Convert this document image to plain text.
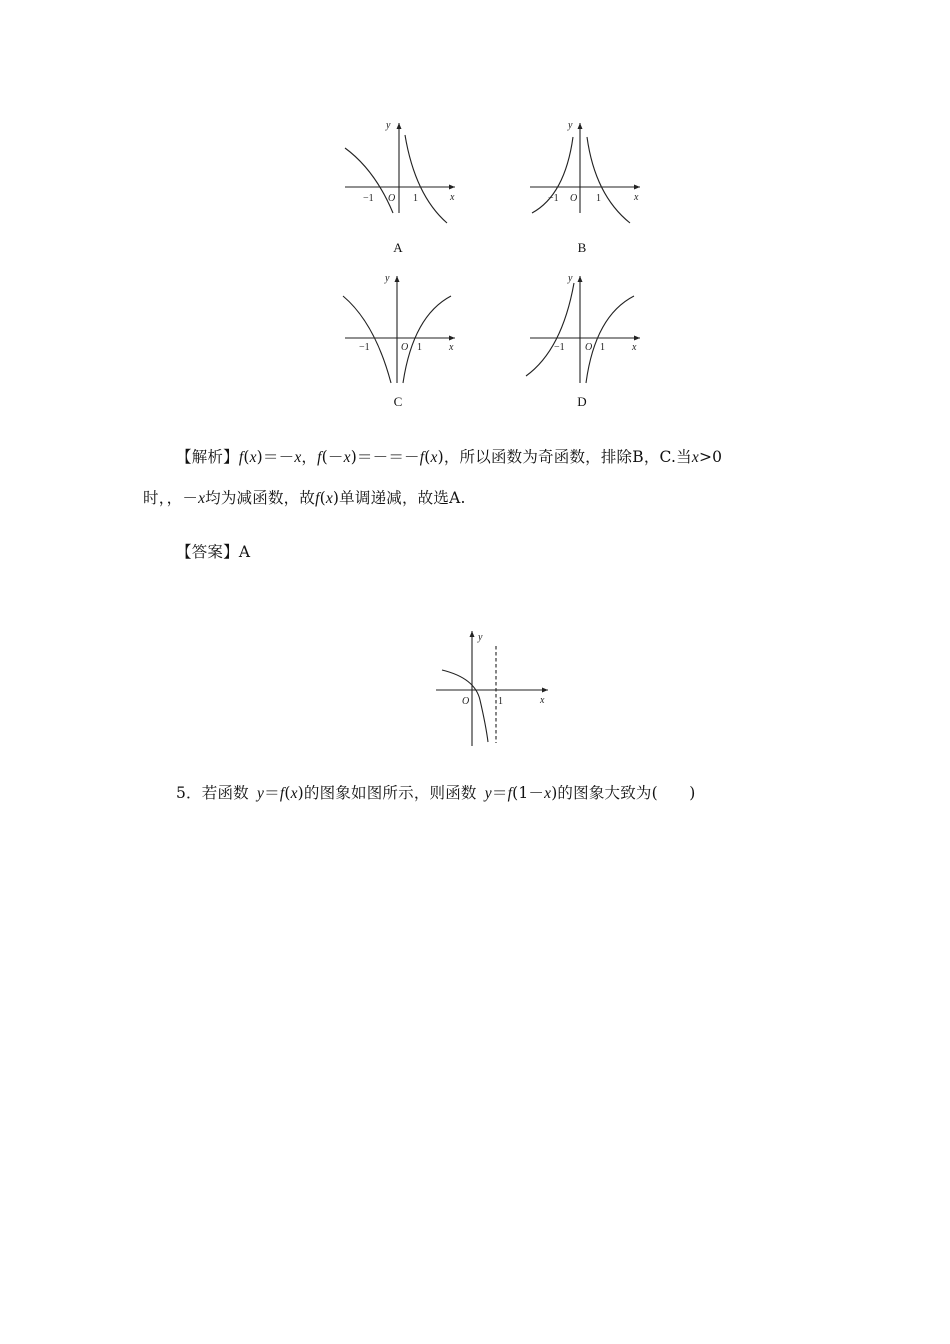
y
x
O
−1	1
A
y
x
O
−1	1
B
y
x
O
−1	1
C
y
x
O
−1	1
D
【解析】f(x)＝－x，f(－x)＝－＝－f(x)，所以函数为奇函数，排除B，C.当x>0
时，，－x均为减函数，故f(x)单调递减，故选A.
【答案】A
y
x
O	1
5．若函数 y＝f(x)的图象如图所示，则函数 y＝f(1－x)的图象大致为(　　)
